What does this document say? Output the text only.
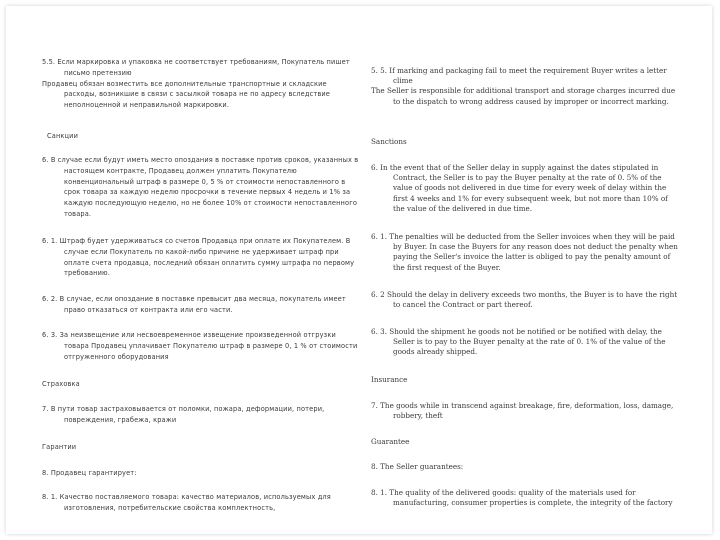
5.5. Если маркировка и упаковка не соответствует требованиям, Покупатель пишет письмо претензию

Продавец обязан возместить все дополнительные транспортные и складские расходы, возникшие в связи с засылкой товара не по адресу вследствие неполноценной и неправильной маркировки.

Санкции

6. В случае если будут иметь место опоздания в поставке против сроков, указанных в настоящем контракте, Продавец должен уплатить Покупателю конвенциональный штраф в размере 0, 5 % от стоимости непоставленного в срок товара за каждую неделю просрочки в течение первых 4 недель и 1% за каждую последующую неделю, но не более 10% от стоимости непоставленного товара.

6. 1. Штраф будет удерживаться со счетов Продавца при оплате их Покупателем. В случае если Покупатель по какой-либо причине не удерживает штраф при оплате счета продавца, последний обязан оплатить сумму штрафа по первому требованию.

6. 2. В случае, если опоздание в поставке превысит два месяца, покупатель имеет право отказаться от контракта или его части.

6. 3. За неизвещение или несвоевременное извещение произведенной отгрузки товара Продавец уплачивает Покупателю штраф в размере 0, 1 % от стоимости отгруженного оборудования

Страховка

7. В пути товар застраховывается от поломки, пожара, деформации, потери, повреждения, грабежа, кражи

Гарантии

8. Продавец гарантирует:

8. 1. Качество поставляемого товара: качество материалов, используемых для изготовления, потребительские свойства комплектность,

5. 5. If marking and packaging fail to meet the requirement Buyer writes a letter clime

The Seller is responsible for additional transport and storage charges incurred due to the dispatch to wrong address caused by improper or incorrect marking.

Sanctions

6. In the event that of the Seller delay in supply against the dates stipulated in Contract, the Seller is to pay the Buyer penalty at the rate of 0. 5% of the value of goods not delivered in due time for every week of delay within the first 4 weeks and 1% for every subsequent week, but not more than 10% of the value of the delivered in due time.

6. 1. The penalties will be deducted from the Seller invoices when they will be paid by Buyer. In case the Buyers for any reason does not deduct the penalty when paying the Seller's invoice the latter is obliged to pay the penalty amount of the first request of the Buyer.

6. 2 Should the delay in delivery exceeds two months, the Buyer is to have the right to cancel the Contract or part thereof.

6. 3. Should the shipment he goods not be notified or be notified with delay, the Seller is to pay to the Buyer penalty at the rate of 0. 1% of the value of the goods already shipped.

Insurance

7. The goods while in transcend against breakage, fire, deformation, loss, damage, robbery, theft

Guarantee

8. The Seller guarantees:

8. 1. The quality of the delivered goods: quality of the materials used for manufacturing, consumer properties is complete, the integrity of the factory
